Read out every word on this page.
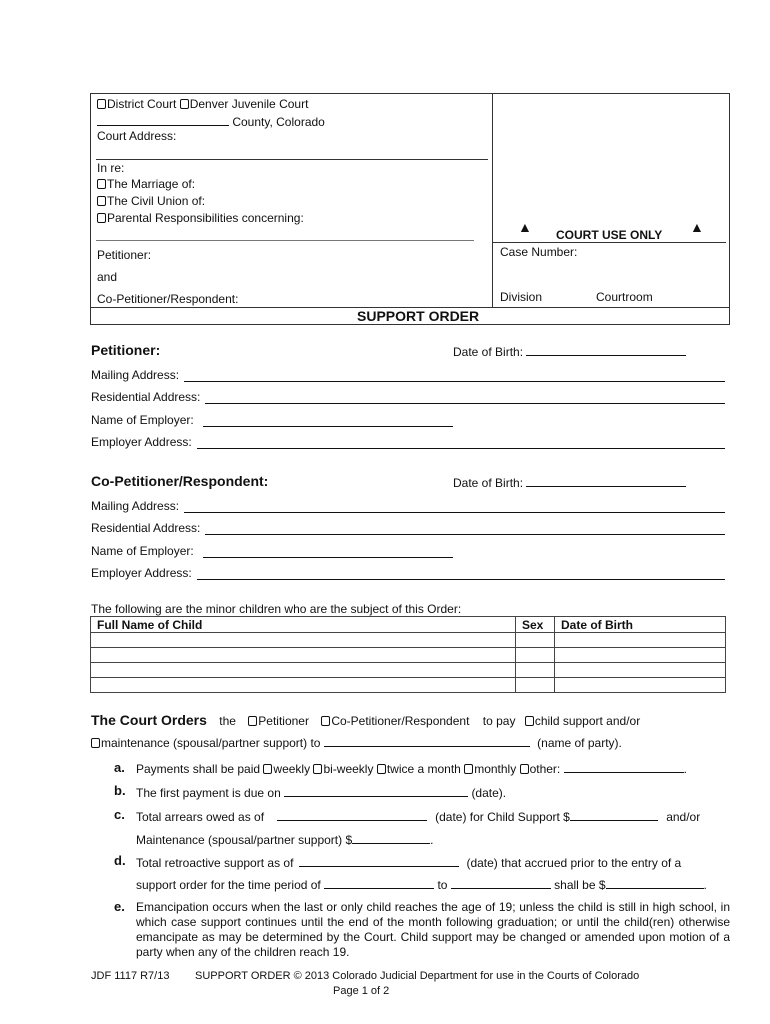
District Court Denver Juvenile Court
County, Colorado
Court Address:
In re:
The Marriage of:
The Civil Union of:
Parental Responsibilities concerning:
Petitioner:
and
Co-Petitioner/Respondent:
▲ COURT USE ONLY ▲
Case Number:
Division	Courtroom
SUPPORT ORDER
Petitioner:	Date of Birth:
Mailing Address:
Residential Address:
Name of Employer:
Employer Address:
Co-Petitioner/Respondent:	Date of Birth:
Mailing Address:
Residential Address:
Name of Employer:
Employer Address:
The following are the minor children who are the subject of this Order:
Full Name of Child	Sex	Date of Birth

The Court Orders the Petitioner Co-Petitioner/Respondent to pay child support and/or
maintenance (spousal/partner support) to	(name of party).
a. Payments shall be paid weekly bi-weekly twice a month monthly other:	.
b. The first payment is due on	(date).
c. Total arrears owed as of	(date) for Child Support $	and/or
Maintenance (spousal/partner support) $	.
d. Total retroactive support as of	(date) that accrued prior to the entry of a
support order for the time period of	to	shall be $	.
e. Emancipation occurs when the last or only child reaches the age of 19; unless the child is still in high school, in which case support continues until the end of the month following graduation; or until the child(ren) otherwise emancipate as may be determined by the Court. Child support may be changed or amended upon motion of a party when any of the children reach 19.
JDF 1117 R7/13 SUPPORT ORDER © 2013 Colorado Judicial Department for use in the Courts of Colorado
Page 1 of 2
